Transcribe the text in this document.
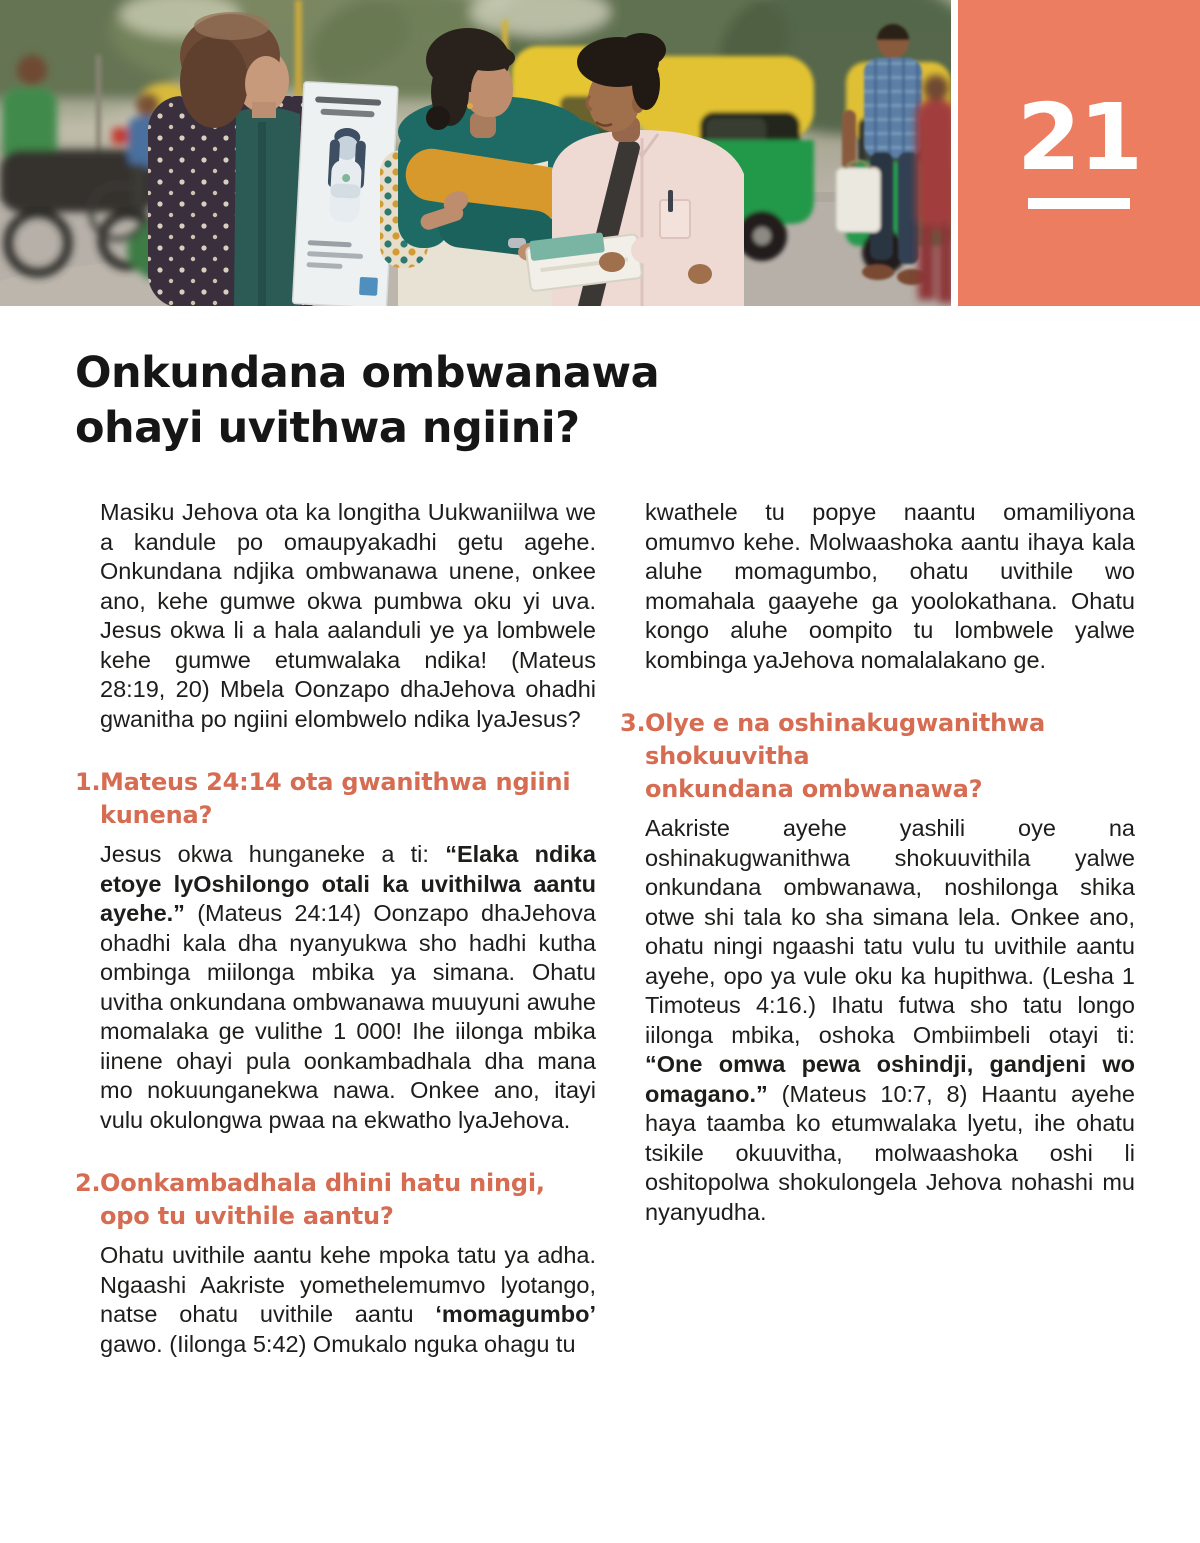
21
Onkundana ombwanawa
ohayi uvithwa ngiini?

Masiku Jehova ota ka longitha Uukwaniilwa we a kandule po omaupyakadhi getu agehe. Onkundana ndjika ombwanawa unene, onkee ano, kehe gumwe okwa pumbwa oku yi uva. Jesus okwa li a hala aalanduli ye ya lombwele kehe gumwe etumwalaka ndika! (Mateus 28:19, 20) Mbela Oonzapo dhaJehova ohadhi gwanitha po ngiini elombwelo ndika lyaJesus?

1. Mateus 24:14 ota gwanithwa ngiini kunena?

Jesus okwa hunganeke a ti: “Elaka ndika etoye lyOshilongo otali ka uvithilwa aantu ayehe.” (Mateus 24:14) Oonzapo dhaJehova ohadhi kala dha nyanyukwa sho hadhi kutha ombinga miilonga mbika ya simana. Ohatu uvitha onkundana ombwanawa muuyuni awuhe momalaka ge vulithe 1 000! Ihe iilonga mbika iinene ohayi pula oonkambadhala dha mana mo nokuunganekwa nawa. Onkee ano, itayi vulu okulongwa pwaa na ekwatho lyaJehova.

2. Oonkambadhala dhini hatu ningi,
opo tu uvithile aantu?

Ohatu uvithile aantu kehe mpoka tatu ya adha. Ngaashi Aakriste yomethelemumvo lyotango, natse ohatu uvithile aantu ‘momagumbo’ gawo. (Iilonga 5:42) Omukalo nguka ohagu tu

kwathele tu popye naantu omamiliyona omumvo kehe. Molwaashoka aantu ihaya kala aluhe momagumbo, ohatu uvithile wo momahala gaayehe ga yoolokathana. Ohatu kongo aluhe oompito tu lombwele yalwe kombinga yaJehova nomalalakano ge.

3. Olye e na oshinakugwanithwa shokuuvitha
onkundana ombwanawa?

Aakriste ayehe yashili oye na oshinakugwanithwa shokuuvithila yalwe onkundana ombwanawa, noshilonga shika otwe shi tala ko sha simana lela. Onkee ano, ohatu ningi ngaashi tatu vulu tu uvithile aantu ayehe, opo ya vule oku ka hupithwa. (Lesha 1 Timoteus 4:16.) Ihatu futwa sho tatu longo iilonga mbika, oshoka Ombiimbeli otayi ti: “One omwa pewa oshindji, gandjeni wo omagano.” (Mateus 10:7, 8) Haantu ayehe haya taamba ko etumwalaka lyetu, ihe ohatu tsikile okuuvitha, molwaashoka oshi li oshitopolwa shokulongela Jehova nohashi mu nyanyudha.
